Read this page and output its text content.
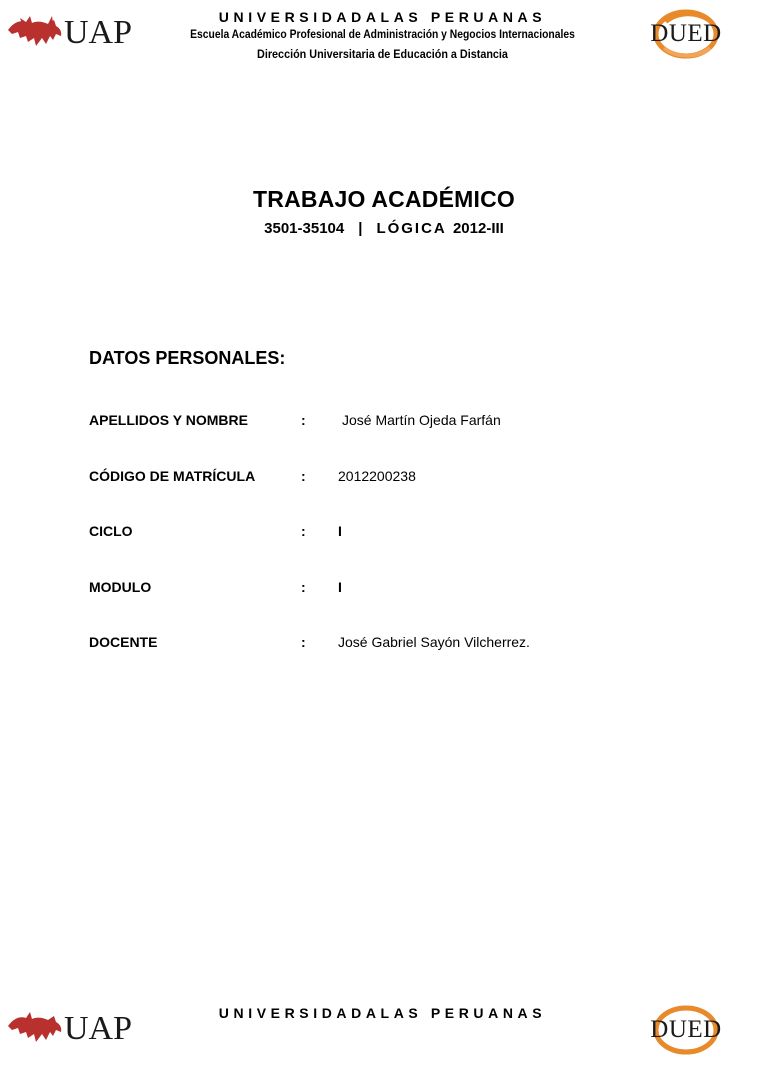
UAP	UNIVERSIDADALAS PERUANAS
Escuela Académico Profesional de Administración y Negocios Internacionales
Dirección Universitaria de Educación a Distancia
DUED
TRABAJO ACADÉMICO
3501-35104 | LÓGICA 2012-III
DATOS PERSONALES:
APELLIDOS Y NOMBRE	:	José Martín Ojeda Farfán
CÓDIGO DE MATRÍCULA	: 2012200238
CICLO	: I
MODULO	: I
DOCENTE	: José Gabriel Sayón Vilcherrez.
UAP	UNIVERSIDADALAS PERUANAS
DUED
